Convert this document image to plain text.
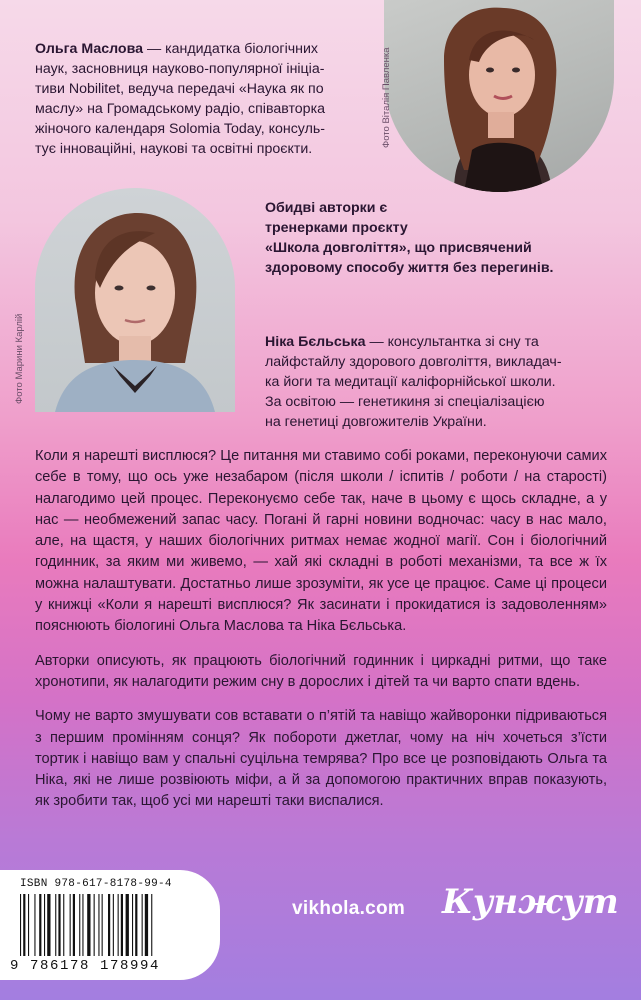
Фото Віталія Павленка
Ольга Маслова — кандидатка біологічних
наук, засновниця науково-популярної ініціа-
тиви Nobilitet, ведуча передачі «Наука як по
маслу» на Громадському радіо, співавторка
жіночого календаря Solomia Today, консуль-
тує інноваційні, наукові та освітні проєкти.
Фото Марини Карлій
Обидві авторки є
тренерками проєкту
«Школа довголіття», що присвячений
здоровому способу життя без перегинів.
Ніка Бєльська — консультантка зі сну та
лайфстайлу здорового довголіття, викладач-
ка йоги та медитації каліфорнійської школи.
За освітою — генетикиня зі спеціалізацією
на генетиці довгожителів України.

Коли я нарешті висплюся? Це питання ми ставимо собі роками, переконуючи самих себе в тому, що ось уже незабаром (після школи / іспитів / роботи / на старості) налагодимо цей процес. Переконуємо себе так, наче в цьому є щось складне, а у нас — необмежений запас часу. Погані й гарні новини водночас: часу в нас мало, але, на щастя, у наших біологічних ритмах немає жодної магії. Сон і біологічний годинник, за яким ми живемо, — хай які складні в роботі механізми, та все ж їх можна налаштувати. Достатньо лише зрозуміти, як усе це працює. Саме ці процеси у книжці «Коли я нарешті висплюся? Як засинати і прокидатися із задоволенням» пояснюють біологині Ольга Маслова та Ніка Бєльська.

Авторки описують, як працюють біологічний годинник і циркадні ритми, що таке хронотипи, як налагодити режим сну в дорослих і дітей та чи варто спати вдень.

Чому не варто змушувати сов вставати о п’ятій та навіщо жайворонки підриваються з першим промінням сонця? Як побороти джетлаг, чому на ніч хочеться з’їсти тортик і навіщо вам у спальні суцільна темрява? Про все це розповідають Ольга та Ніка, які не лише розвіюють міфи, а й за допомогою практичних вправ показують, як зробити так, щоб усі ми нарешті таки виспалися.

ISBN 978-617-8178-99-4
9 786178 178994
vikhola.com Кунжут
